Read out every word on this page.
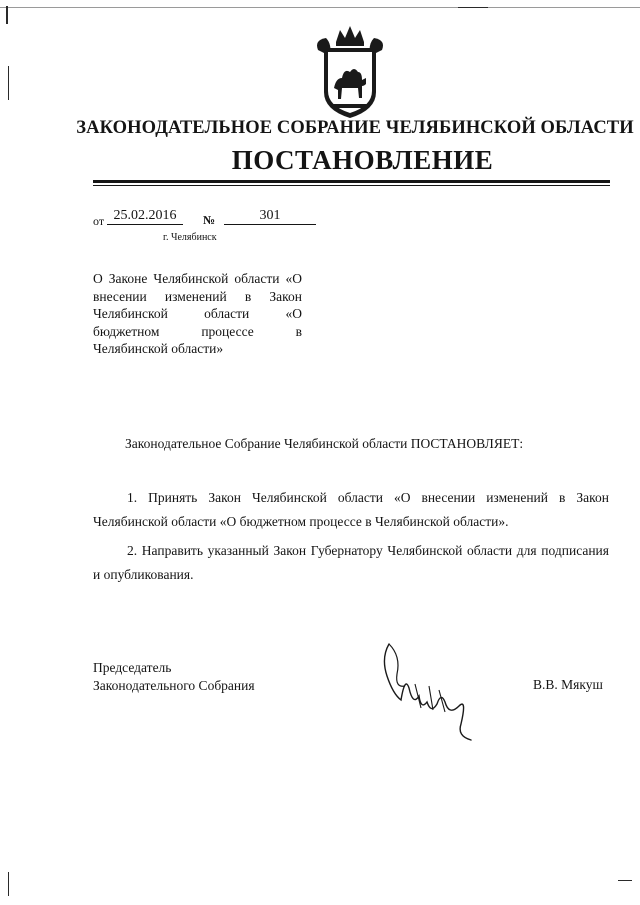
ЗАКОНОДАТЕЛЬНОЕ СОБРАНИЕ ЧЕЛЯБИНСКОЙ ОБЛАСТИ
ПОСТАНОВЛЕНИЕ
от 25.02.2016	№	301
г. Челябинск
О Законе Челябинской области «О внесении изменений в Закон Челябинской области «О бюджетном процессе в Челябинской области»
Законодательное Собрание Челябинской области ПОСТАНОВЛЯЕТ:
1. Принять Закон Челябинской области «О внесении изменений в Закон Челябинской области «О бюджетном процессе в Челябинской области».
2. Направить указанный Закон Губернатору Челябинской области для подписания и опубликования.
Председатель
Законодательного Собрания	В.В. Мякуш
